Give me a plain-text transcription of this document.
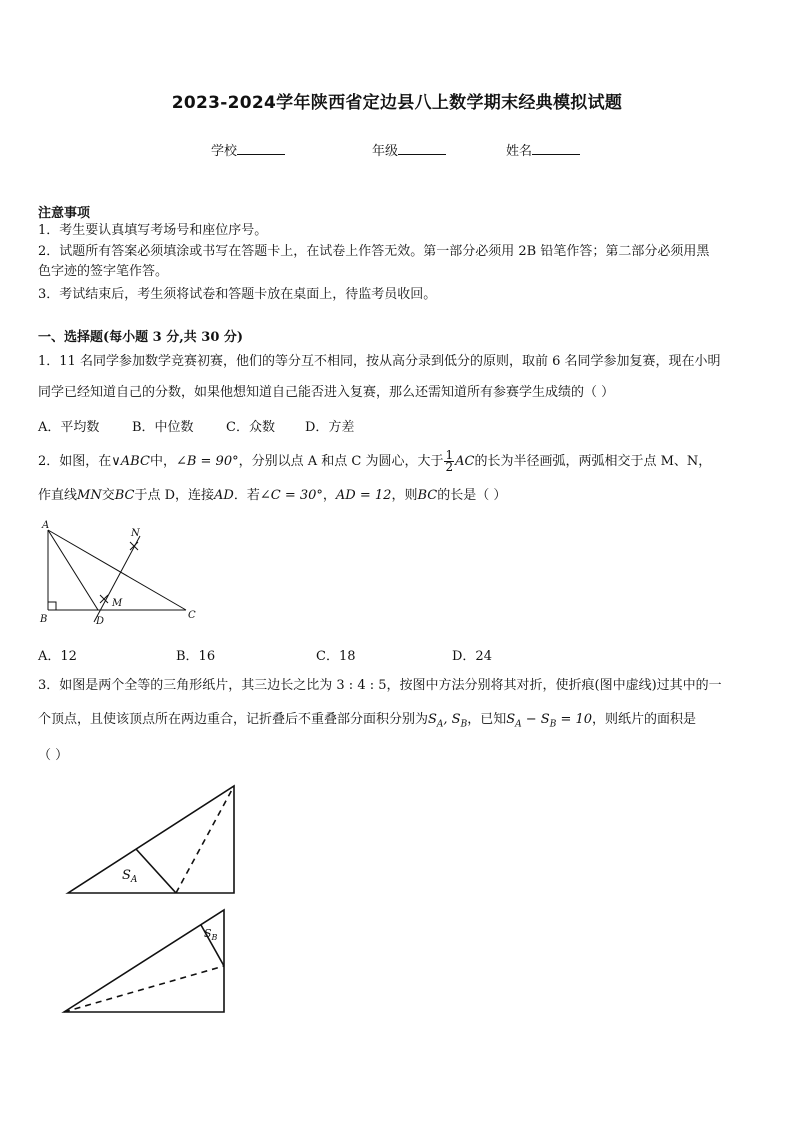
2023-2024学年陕西省定边县八上数学期末经典模拟试题
学校	年级	姓名
注意事项
1．考生要认真填写考场号和座位序号。
2．试题所有答案必须填涂或书写在答题卡上，在试卷上作答无效。第一部分必须用 2B 铅笔作答；第二部分必须用黑
色字迹的签字笔作答。
3．考试结束后，考生须将试卷和答题卡放在桌面上，待监考员收回。
一、选择题(每小题 3 分,共 30 分)
1．11 名同学参加数学竞赛初赛，他们的等分互不相同，按从高分录到低分的原则，取前 6 名同学参加复赛，现在小明
同学已经知道自己的分数，如果他想知道自己能否进入复赛，那么还需知道所有参赛学生成绩的（ ）
A．平均数	B．中位数 C．众数 D．方差
2．如图，在∨ABC中，∠B = 90°，分别以点 A 和点 C 为圆心，大于 $\frac{1}{2}$ AC的长为半径画弧，两弧相交于点 M、N，
作直线MN交BC于点 D，连接AD．若∠C = 30°，AD = 12，则BC的长是（ ）
A
B	C
D
M
N
A．12	B．16	C．18	D．24
3．如图是两个全等的三角形纸片，其三边长之比为 3 : 4 : 5，按图中方法分别将其对折，使折痕(图中虚线)过其中的一
个顶点，且使该顶点所在两边重合，记折叠后不重叠部分面积分别为$S_A$, $S_B$，已知$S_A - S_B = 10$，则纸片的面积是
（ ）
$S_A$
$S_B$
